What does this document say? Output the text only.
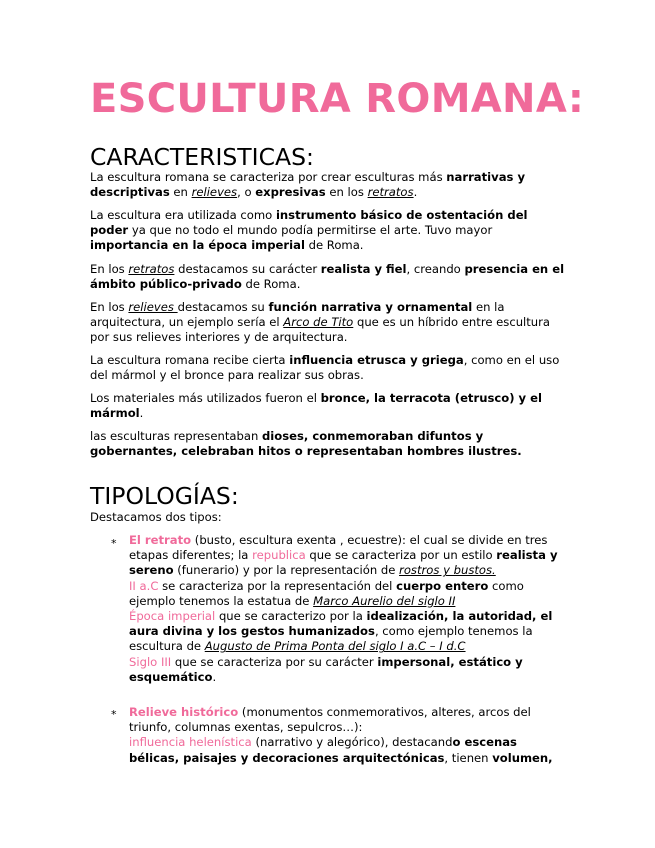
ESCULTURA ROMANA:
CARACTERISTICAS:

La escultura romana se caracteriza por crear esculturas más narrativas y descriptivas en relieves, o expresivas en los retratos.

La escultura era utilizada como instrumento básico de ostentación del poder ya que no todo el mundo podía permitirse el arte. Tuvo mayor importancia en la época imperial de Roma.

En los retratos destacamos su carácter realista y fiel, creando presencia en el ámbito público-privado de Roma.

En los relieves destacamos su función narrativa y ornamental en la arquitectura, un ejemplo sería el Arco de Tito que es un híbrido entre escultura por sus relieves interiores y de arquitectura.

La escultura romana recibe cierta influencia etrusca y griega, como en el uso del mármol y el bronce para realizar sus obras.

Los materiales más utilizados fueron el bronce, la terracota (etrusco) y el mármol.

las esculturas representaban dioses, conmemoraban difuntos y gobernantes, celebraban hitos o representaban hombres ilustres.

TIPOLOGÍAS:

Destacamos dos tipos:

* El retrato (busto, escultura exenta , ecuestre): el cual se divide en tres etapas diferentes; la republica que se caracteriza por un estilo realista y sereno (funerario) y por la representación de rostros y bustos.
II a.C se caracteriza por la representación del cuerpo entero como ejemplo tenemos la estatua de Marco Aurelio del siglo II
Época imperial que se caracterizo por la idealización, la autoridad, el aura divina y los gestos humanizados, como ejemplo tenemos la escultura de Augusto de Prima Ponta del siglo I a.C – I d.C
Siglo III que se caracteriza por su carácter impersonal, estático y esquemático.

* Relieve histórico (monumentos conmemorativos, alteres, arcos del triunfo, columnas exentas, sepulcros…):
influencia helenística (narrativo y alegórico), destacando escenas bélicas, paisajes y decoraciones arquitectónicas, tienen volumen,
